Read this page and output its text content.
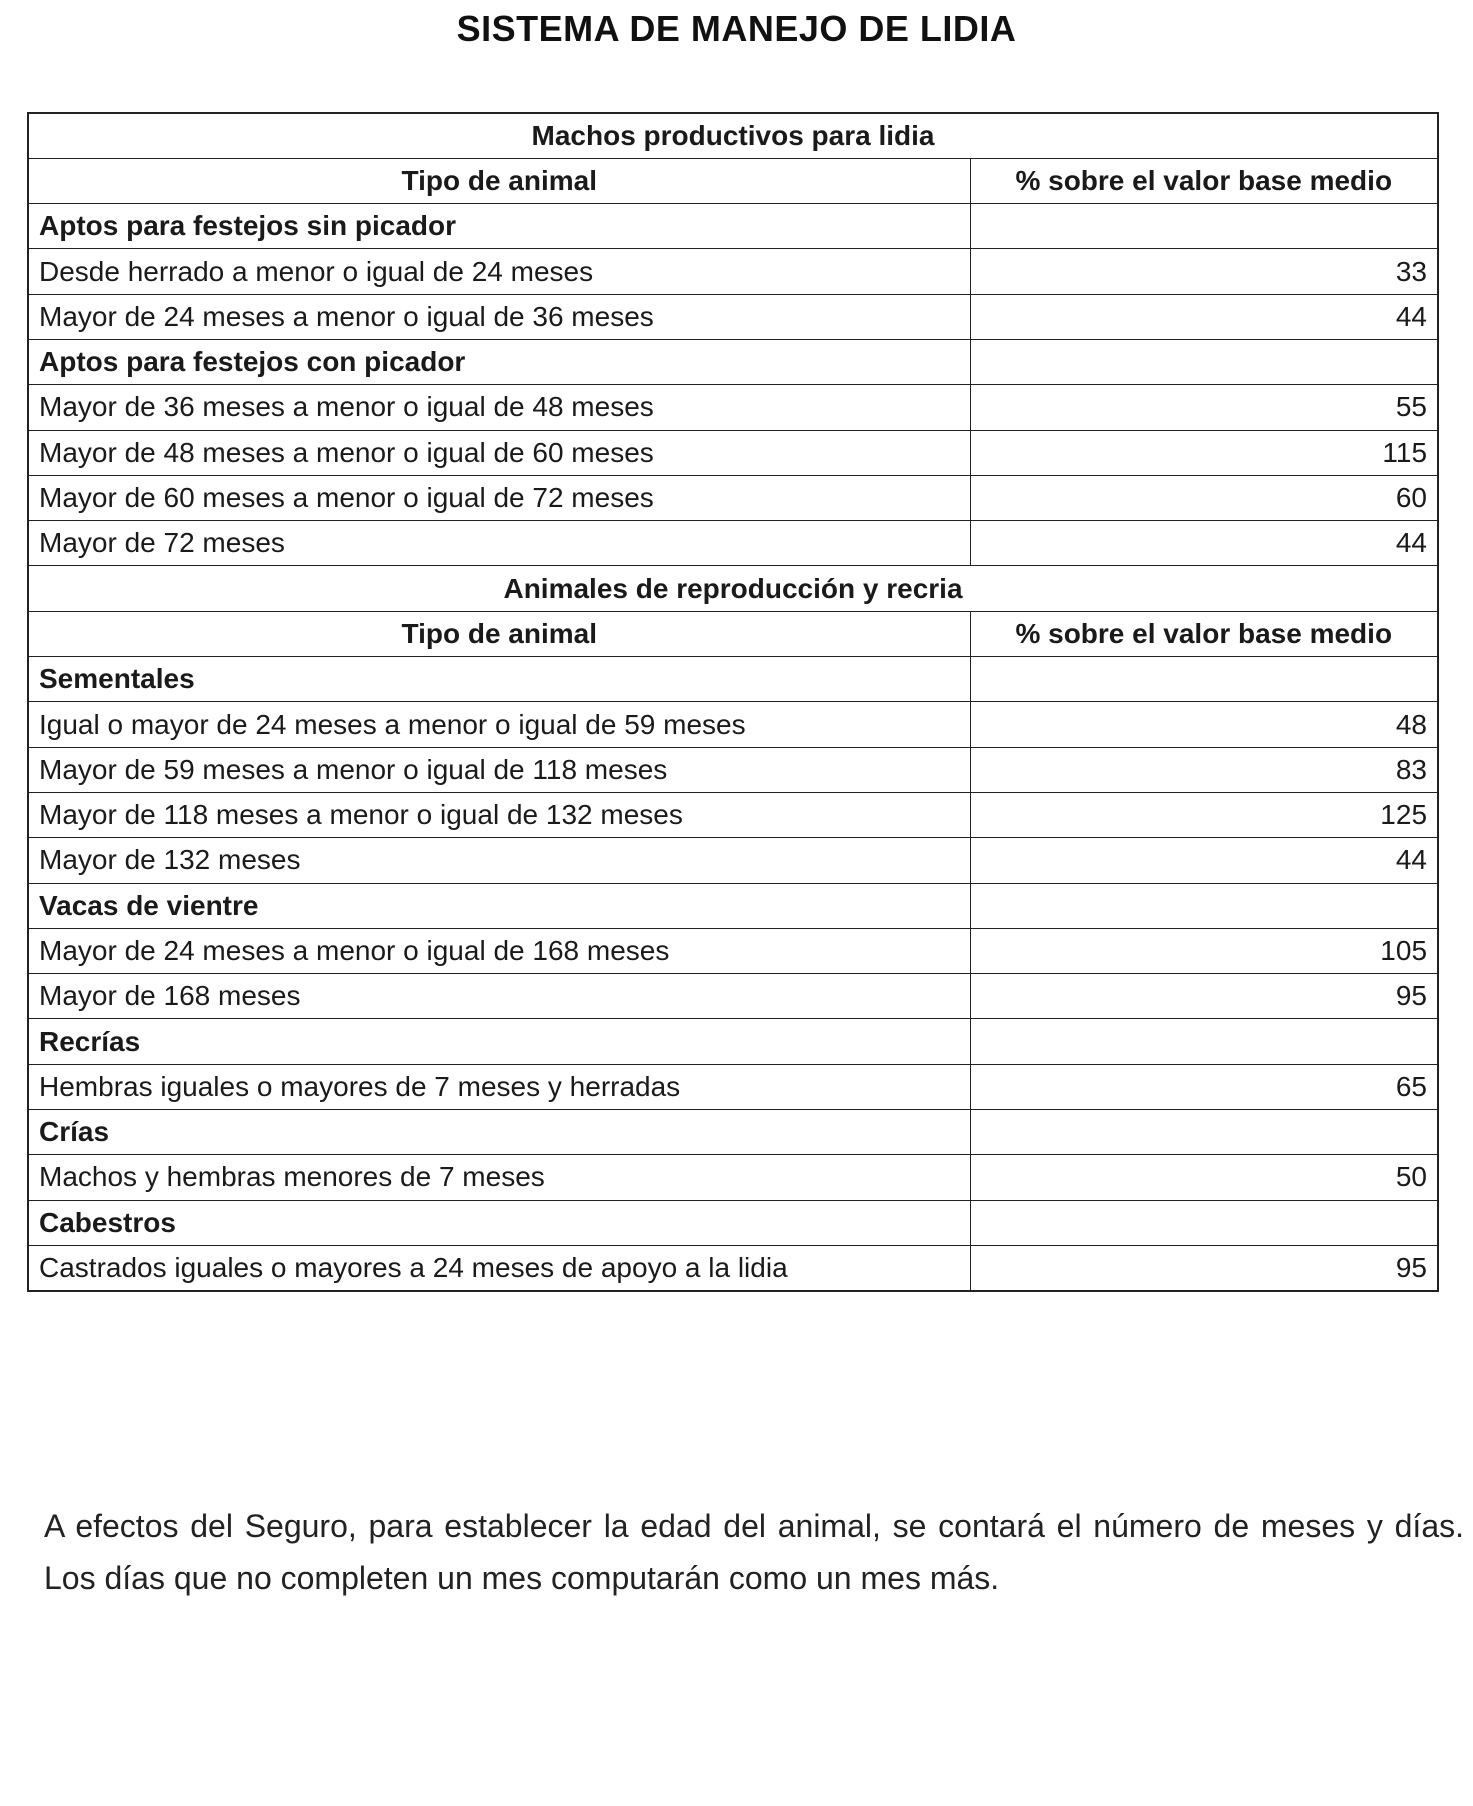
SISTEMA DE MANEJO DE LIDIA
Machos productivos para lidia	
Tipo de animal	% sobre el valor base medio
Aptos para festejos sin picador	
Desde herrado a menor o igual de 24 meses	33
Mayor de 24 meses a menor o igual de 36 meses	44
Aptos para festejos con picador	
Mayor de 36 meses a menor o igual de 48 meses	55
Mayor de 48 meses a menor o igual de 60 meses	115
Mayor de 60 meses a menor o igual de 72 meses	60
Mayor de 72 meses	44
Animales de reproducción y recria	
Tipo de animal	% sobre el valor base medio
Sementales	
Igual o mayor de 24 meses a menor o igual de 59 meses	48
Mayor de 59 meses a menor o igual de 118 meses	83
Mayor de 118 meses a menor o igual de 132 meses	125
Mayor de 132 meses	44
Vacas de vientre	
Mayor de 24 meses a menor o igual de 168 meses	105
Mayor de 168 meses	95
Recrías	
Hembras iguales o mayores de 7 meses y herradas	65
Crías	
Machos y hembras menores de 7 meses	50
Cabestros	
Castrados iguales o mayores a 24 meses de apoyo a la lidia	95

A efectos del Seguro, para establecer la edad del animal, se contará el número de meses y días. Los días que no completen un mes computarán como un mes más.
